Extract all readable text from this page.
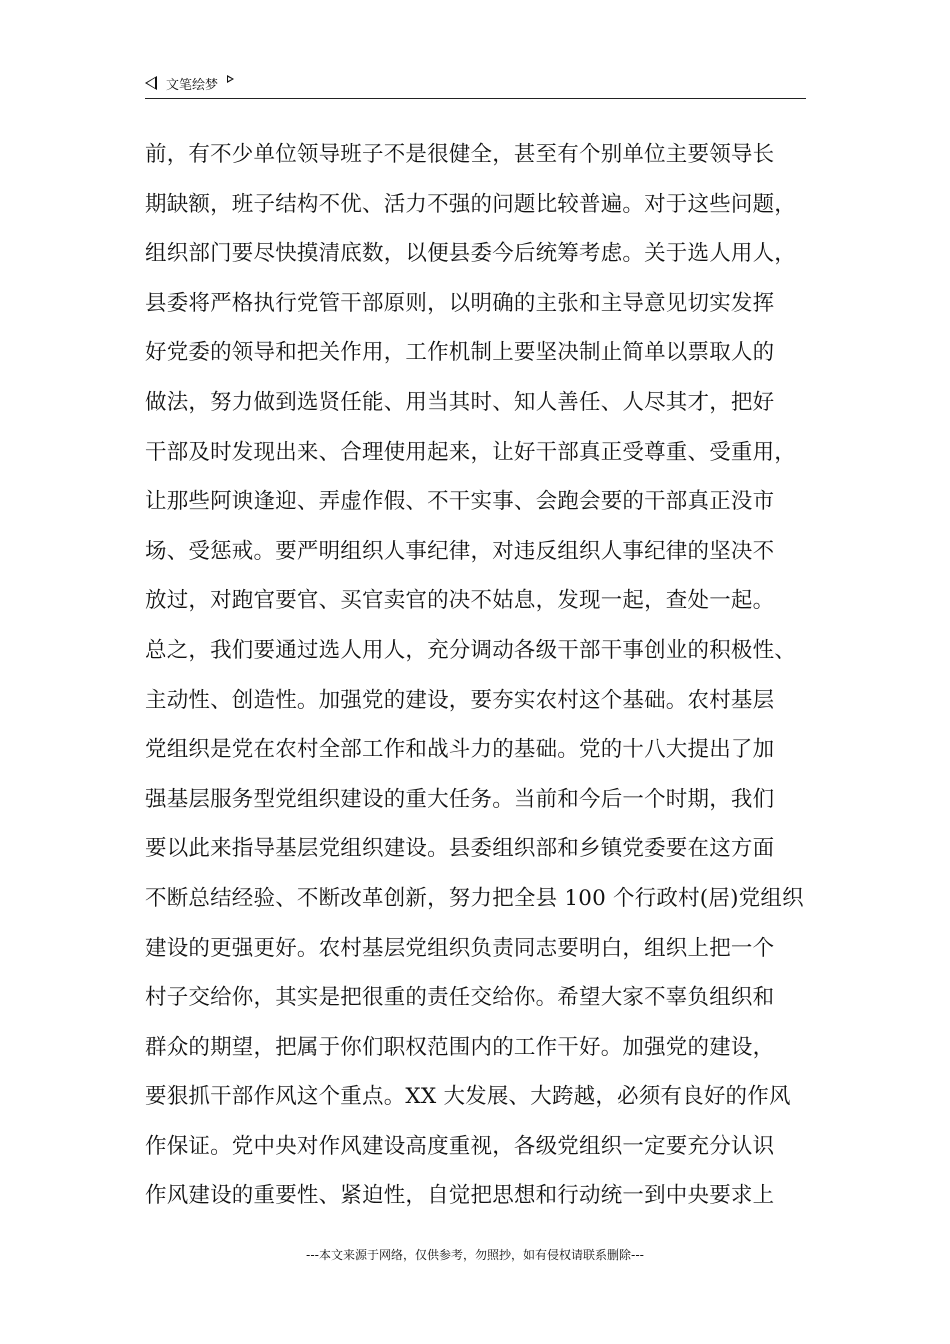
文笔绘梦
前，有不少单位领导班子不是很健全，甚至有个别单位主要领导长
期缺额，班子结构不优、活力不强的问题比较普遍。对于这些问题，
组织部门要尽快摸清底数，以便县委今后统筹考虑。关于选人用人，
县委将严格执行党管干部原则，以明确的主张和主导意见切实发挥
好党委的领导和把关作用，工作机制上要坚决制止简单以票取人的
做法，努力做到选贤任能、用当其时、知人善任、人尽其才，把好
干部及时发现出来、合理使用起来，让好干部真正受尊重、受重用，
让那些阿谀逢迎、弄虚作假、不干实事、会跑会要的干部真正没市
场、受惩戒。要严明组织人事纪律，对违反组织人事纪律的坚决不
放过，对跑官要官、买官卖官的决不姑息，发现一起，查处一起。
总之，我们要通过选人用人，充分调动各级干部干事创业的积极性、
主动性、创造性。加强党的建设，要夯实农村这个基础。农村基层
党组织是党在农村全部工作和战斗力的基础。党的十八大提出了加
强基层服务型党组织建设的重大任务。当前和今后一个时期，我们
要以此来指导基层党组织建设。县委组织部和乡镇党委要在这方面
不断总结经验、不断改革创新，努力把全县 100 个行政村(居)党组织
建设的更强更好。农村基层党组织负责同志要明白，组织上把一个
村子交给你，其实是把很重的责任交给你。希望大家不辜负组织和
群众的期望，把属于你们职权范围内的工作干好。加强党的建设，
要狠抓干部作风这个重点。XX 大发展、大跨越，必须有良好的作风
作保证。党中央对作风建设高度重视，各级党组织一定要充分认识
作风建设的重要性、紧迫性，自觉把思想和行动统一到中央要求上
---本文来源于网络，仅供参考，勿照抄，如有侵权请联系删除---
